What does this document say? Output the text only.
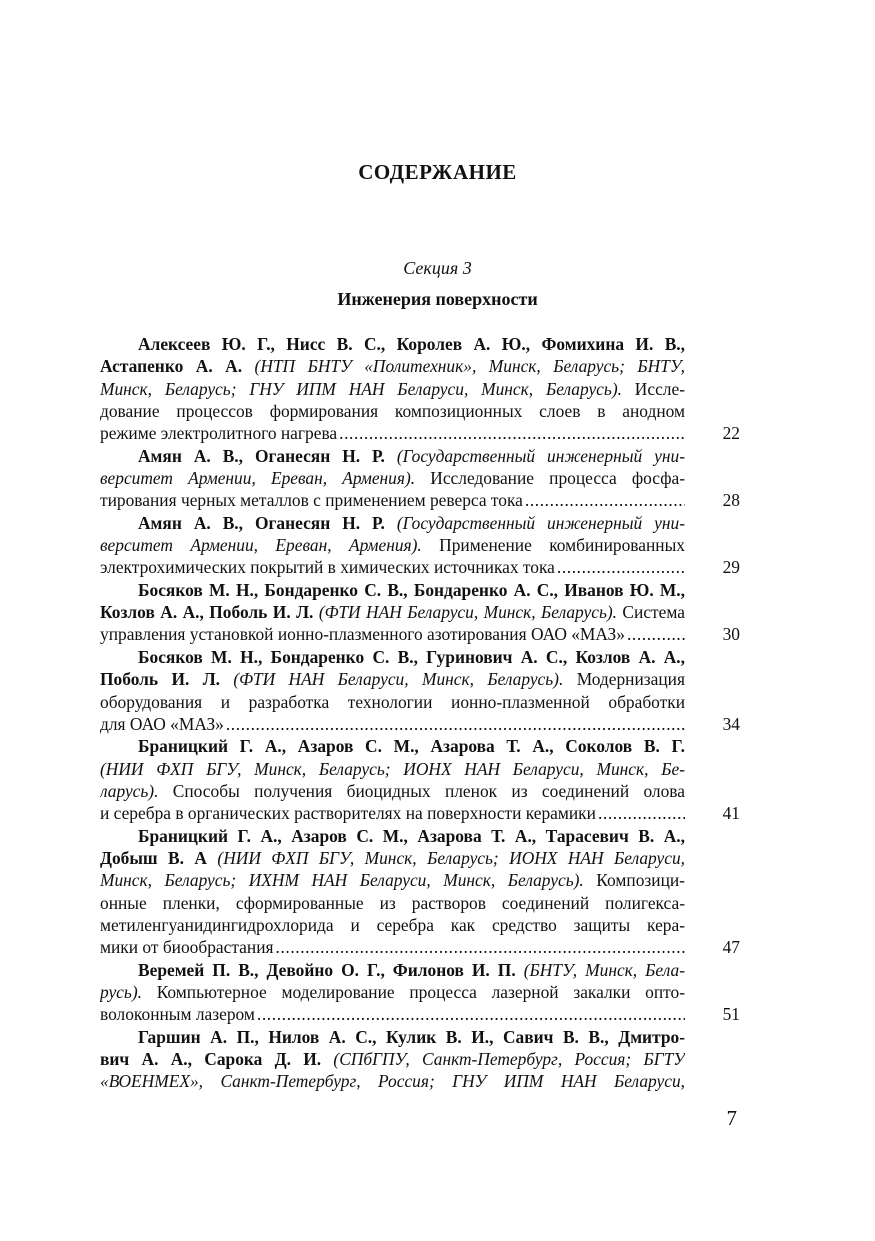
СОДЕРЖАНИЕ
Секция 3
Инженерия поверхности
Алексеев Ю. Г., Нисс В. С., Королев А. Ю., Фомихина И. В.,
Астапенко А. А. (НТП БНТУ «Политехник», Минск, Беларусь; БНТУ,
Минск, Беларусь; ГНУ ИПМ НАН Беларуси, Минск, Беларусь). Иссле-
дование процессов формирования композиционных слоев в анодном
режиме электролитного нагрева .....	22
Амян А. В., Оганесян Н. Р. (Государственный инженерный уни-
верситет Армении, Ереван, Армения). Исследование процесса фосфа-
тирования черных металлов с применением реверса тока .....	28
Амян А. В., Оганесян Н. Р. (Государственный инженерный уни-
верситет Армении, Ереван, Армения). Применение комбинированных
электрохимических покрытий в химических источниках тока .....	29
Босяков М. Н., Бондаренко С. В., Бондаренко А. С., Иванов Ю. М.,
Козлов А. А., Поболь И. Л. (ФТИ НАН Беларуси, Минск, Беларусь). Система
управления установкой ионно-плазменного азотирования ОАО «МАЗ» .....	30
Босяков М. Н., Бондаренко С. В., Гуринович А. С., Козлов А. А.,
Поболь И. Л. (ФТИ НАН Беларуси, Минск, Беларусь). Модернизация
оборудования и разработка технологии ионно-плазменной обработки
для ОАО «МАЗ» .....	34
Браницкий Г. А., Азаров С. М., Азарова Т. А., Соколов В. Г.
(НИИ ФХП БГУ, Минск, Беларусь; ИОНХ НАН Беларуси, Минск, Бе-
ларусь). Способы получения биоцидных пленок из соединений олова
и серебра в органических растворителях на поверхности керамики .....	41
Браницкий Г. А., Азаров С. М., Азарова Т. А., Тарасевич В. А.,
Добыш В. А (НИИ ФХП БГУ, Минск, Беларусь; ИОНХ НАН Беларуси,
Минск, Беларусь; ИХНМ НАН Беларуси, Минск, Беларусь). Композици-
онные пленки, сформированные из растворов соединений полигекса-
метиленгуанидингидрохлорида и серебра как средство защиты кера-
мики от биообрастания .....	47
Веремей П. В., Девойно О. Г., Филонов И. П. (БНТУ, Минск, Бела-
русь). Компьютерное моделирование процесса лазерной закалки опто-
волоконным лазером .....	51
Гаршин А. П., Нилов А. С., Кулик В. И., Савич В. В., Дмитро-
вич А. А., Сарока Д. И. (СПбГПУ, Санкт-Петербург, Россия; БГТУ
«ВОЕНМЕХ», Санкт-Петербург, Россия; ГНУ ИПМ НАН Беларуси,
7
